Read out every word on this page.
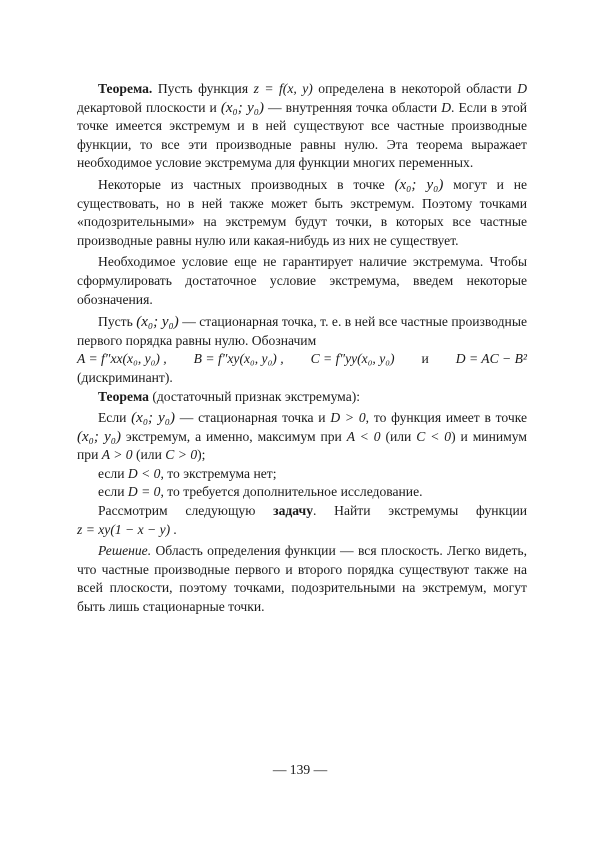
Теорема. Пусть функция z = f(x, y) определена в некоторой области D декартовой плоскости и (x₀; y₀) — внутренняя точка области D. Если в этой точке имеется экстремум и в ней существуют все частные производные функции, то все эти производные равны нулю. Эта теорема выражает необходимое условие экстремума для функции многих переменных.

Некоторые из частных производных в точке (x₀; y₀) могут и не существовать, но в ней также может быть экстремум. Поэтому точками «подозрительными» на экстремум будут точки, в которых все частные производные равны нулю или какая-нибудь из них не существует.

Необходимое условие еще не гарантирует наличие экстремума. Чтобы сформулировать достаточное условие экстремума, введем некоторые обозначения.

Пусть (x₀; y₀) — стационарная точка, т. е. в ней все частные производные первого порядка равны нулю. Обозначим

A = f″xx(x₀, y₀) , B = f″xy(x₀, y₀) , C = f″yy(x₀, y₀) и D = AC − B²

(дискриминант).

Теорема (достаточный признак экстремума):

Если (x₀; y₀) — стационарная точка и D > 0, то функция имеет в точке (x₀; y₀) экстремум, а именно, максимум при A < 0 (или C < 0) и минимум при A > 0 (или C > 0);

если D < 0, то экстремума нет;

если D = 0, то требуется дополнительное исследование.

Рассмотрим следующую задачу. Найти экстремумы функции z = xy(1 − x − y) .

Решение. Область определения функции — вся плоскость. Легко видеть, что частные производные первого и второго порядка существуют также на всей плоскости, поэтому точками, подозрительными на экстремум, могут быть лишь стационарные точки.

— 139 —
